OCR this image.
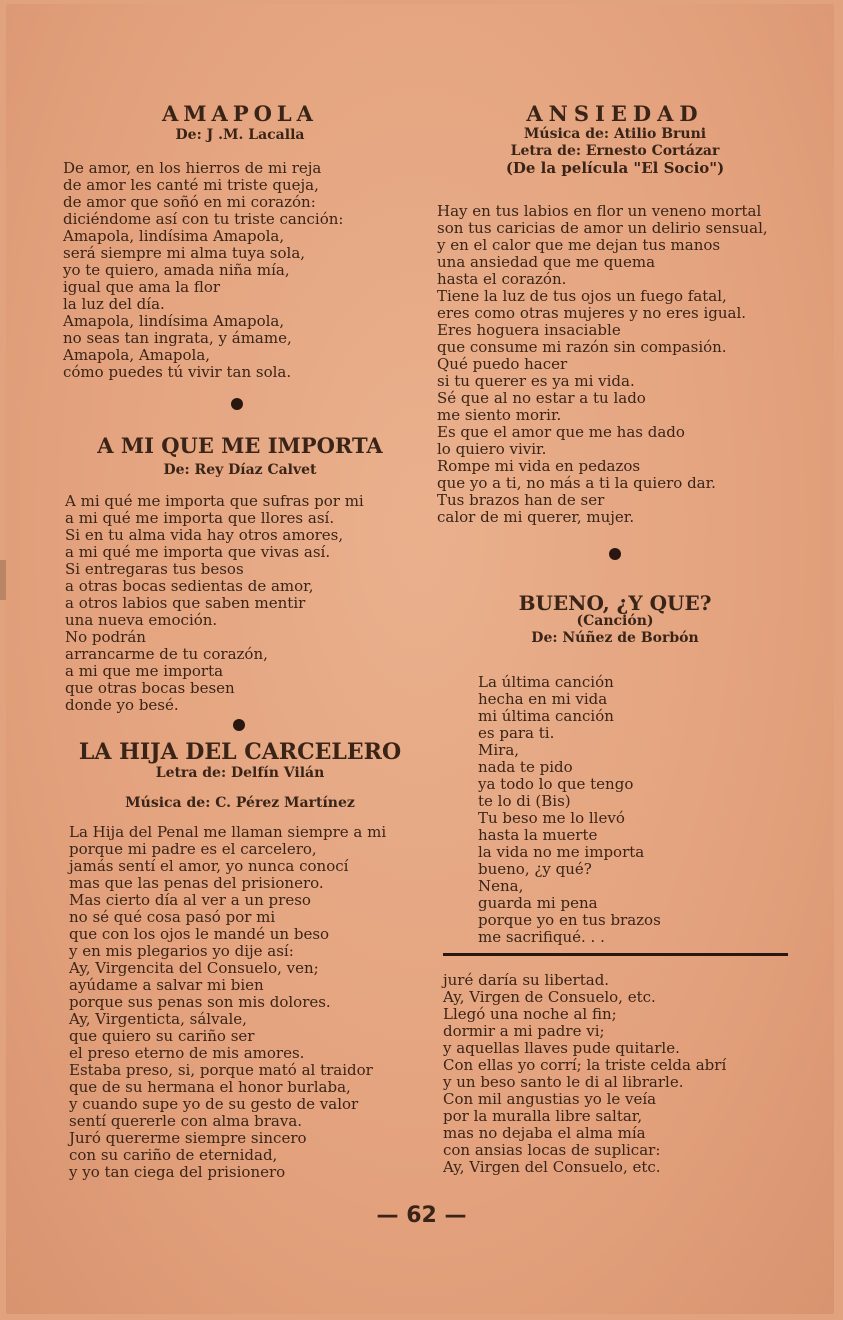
AMAPOLA

De: J .M. Lacalla

De amor, en los hierros de mi reja
de amor les canté mi triste queja,
de amor que soñó en mi corazón:
diciéndome así con tu triste canción:
Amapola, lindísima Amapola,
será siempre mi alma tuya sola,
yo te quiero, amada niña mía,
igual que ama la flor
la luz del día.
Amapola, lindísima Amapola,
no seas tan ingrata, y ámame,
Amapola, Amapola,
cómo puedes tú vivir tan sola.

A MI QUE ME IMPORTA

De: Rey Díaz Calvet

A mi qué me importa que sufras por mi
a mi qué me importa que llores así.
Si en tu alma vida hay otros amores,
a mi qué me importa que vivas así.
Si entregaras tus besos
a otras bocas sedientas de amor,
a otros labios que saben mentir
una nueva emoción.
No podrán
arrancarme de tu corazón,
a mi que me importa
que otras bocas besen
donde yo besé.

LA HIJA DEL CARCELERO

Letra de: Delfín Vilán

Música de: C. Pérez Martínez

La Hija del Penal me llaman siempre a mi
porque mi padre es el carcelero,
jamás sentí el amor, yo nunca conocí
mas que las penas del prisionero.
Mas cierto día al ver a un preso
no sé qué cosa pasó por mi
que con los ojos le mandé un beso
y en mis plegarios yo dije así:
Ay, Virgencita del Consuelo, ven;
ayúdame a salvar mi bien
porque sus penas son mis dolores.
Ay, Virgenticta, sálvale,
que quiero su cariño ser
el preso eterno de mis amores.
Estaba preso, si, porque mató al traidor
que de su hermana el honor burlaba,
y cuando supe yo de su gesto de valor
sentí quererle con alma brava.
Juró quererme siempre sincero
con su cariño de eternidad,
y yo tan ciega del prisionero

ANSIEDAD

Música de: Atilio Bruni

Letra de: Ernesto Cortázar

(De la película "El Socio")

Hay en tus labios en flor un veneno mortal
son tus caricias de amor un delirio sensual,
y en el calor que me dejan tus manos
una ansiedad que me quema
hasta el corazón.
Tiene la luz de tus ojos un fuego fatal,
eres como otras mujeres y no eres igual.
Eres hoguera insaciable
que consume mi razón sin compasión.
Qué puedo hacer
si tu querer es ya mi vida.
Sé que al no estar a tu lado
me siento morir.
Es que el amor que me has dado
lo quiero vivir.
Rompe mi vida en pedazos
que yo a ti, no más a ti la quiero dar.
Tus brazos han de ser
calor de mi querer, mujer.

BUENO, ¿Y QUE?

(Canción)

De: Núñez de Borbón

La última canción
hecha en mi vida
mi última canción
es para ti.
Mira,
nada te pido
ya todo lo que tengo
te lo di (Bis)
Tu beso me lo llevó
hasta la muerte
la vida no me importa
bueno, ¿y qué?
Nena,
guarda mi pena
porque yo en tus brazos
me sacrifiqué. . .

juré daría su libertad.
Ay, Virgen de Consuelo, etc.
Llegó una noche al fin;
dormir a mi padre vi;
y aquellas llaves pude quitarle.
Con ellas yo corrí; la triste celda abrí
y un beso santo le di al librarle.
Con mil angustias yo le veía
por la muralla libre saltar,
mas no dejaba el alma mía
con ansias locas de suplicar:
Ay, Virgen del Consuelo, etc.

— 62 —
